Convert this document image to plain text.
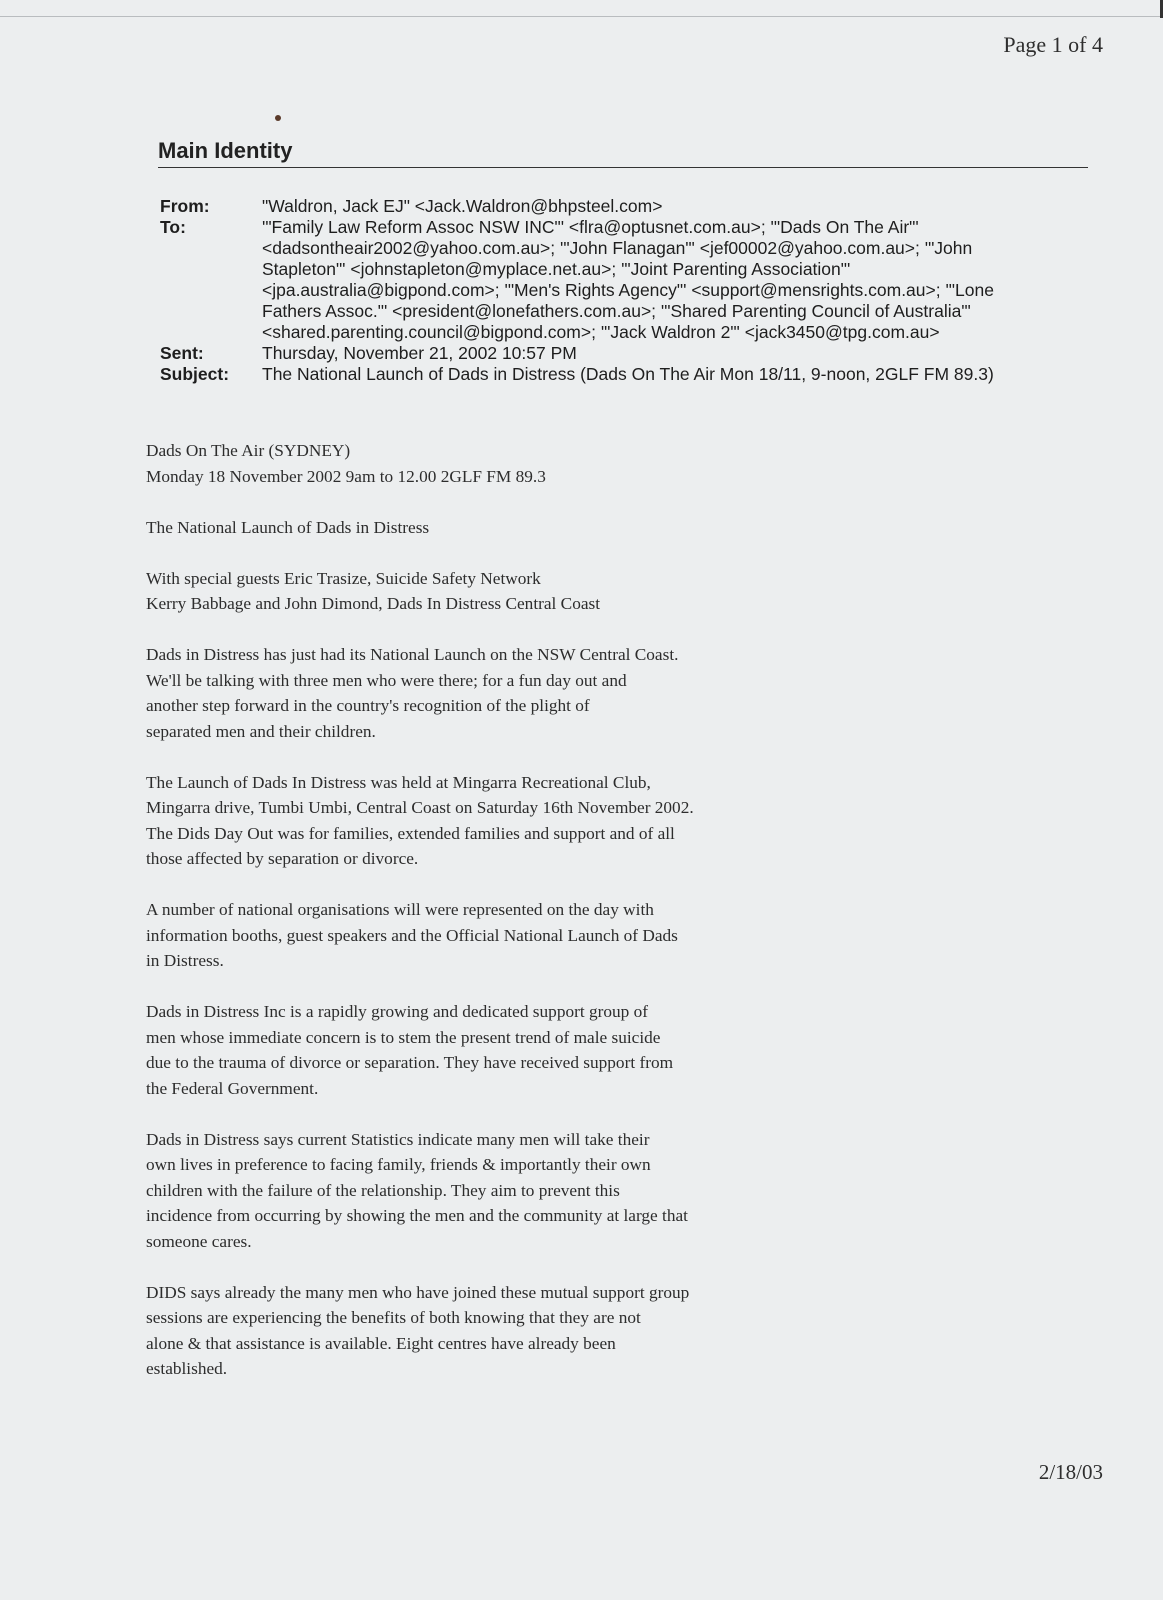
Page 1 of 4
Main Identity
From:	"Waldron, Jack EJ" <Jack.Waldron@bhpsteel.com>
To:	'"Family Law Reform Assoc NSW INC"' <flra@optusnet.com.au>; '"Dads On The Air"'
<dadsontheair2002@yahoo.com.au>; '"John Flanagan"' <jef00002@yahoo.com.au>; '"John
Stapleton"' <johnstapleton@myplace.net.au>; '"Joint Parenting Association"'
<jpa.australia@bigpond.com>; '"Men's Rights Agency"' <support@mensrights.com.au>; '"Lone
Fathers Assoc."' <president@lonefathers.com.au>; '"Shared Parenting Council of Australia"'
<shared.parenting.council@bigpond.com>; '"Jack Waldron 2"' <jack3450@tpg.com.au>
Sent:	Thursday, November 21, 2002 10:57 PM
Subject:	The National Launch of Dads in Distress (Dads On The Air Mon 18/11, 9-noon, 2GLF FM 89.3)
Dads On The Air (SYDNEY)
Monday 18 November 2002 9am to 12.00 2GLF FM 89.3
The National Launch of Dads in Distress
With special guests Eric Trasize, Suicide Safety Network
Kerry Babbage and John Dimond, Dads In Distress Central Coast
Dads in Distress has just had its National Launch on the NSW Central Coast.
We'll be talking with three men who were there; for a fun day out and
another step forward in the country's recognition of the plight of
separated men and their children.
The Launch of Dads In Distress was held at Mingarra Recreational Club,
Mingarra drive, Tumbi Umbi, Central Coast on Saturday 16th November 2002.
The Dids Day Out was for families, extended families and support and of all
those affected by separation or divorce.
A number of national organisations will were represented on the day with
information booths, guest speakers and the Official National Launch of Dads
in Distress.
Dads in Distress Inc is a rapidly growing and dedicated support group of
men whose immediate concern is to stem the present trend of male suicide
due to the trauma of divorce or separation. They have received support from
the Federal Government.
Dads in Distress says current Statistics indicate many men will take their
own lives in preference to facing family, friends & importantly their own
children with the failure of the relationship. They aim to prevent this
incidence from occurring by showing the men and the community at large that
someone cares.
DIDS says already the many men who have joined these mutual support group
sessions are experiencing the benefits of both knowing that they are not
alone & that assistance is available. Eight centres have already been
established.
2/18/03
